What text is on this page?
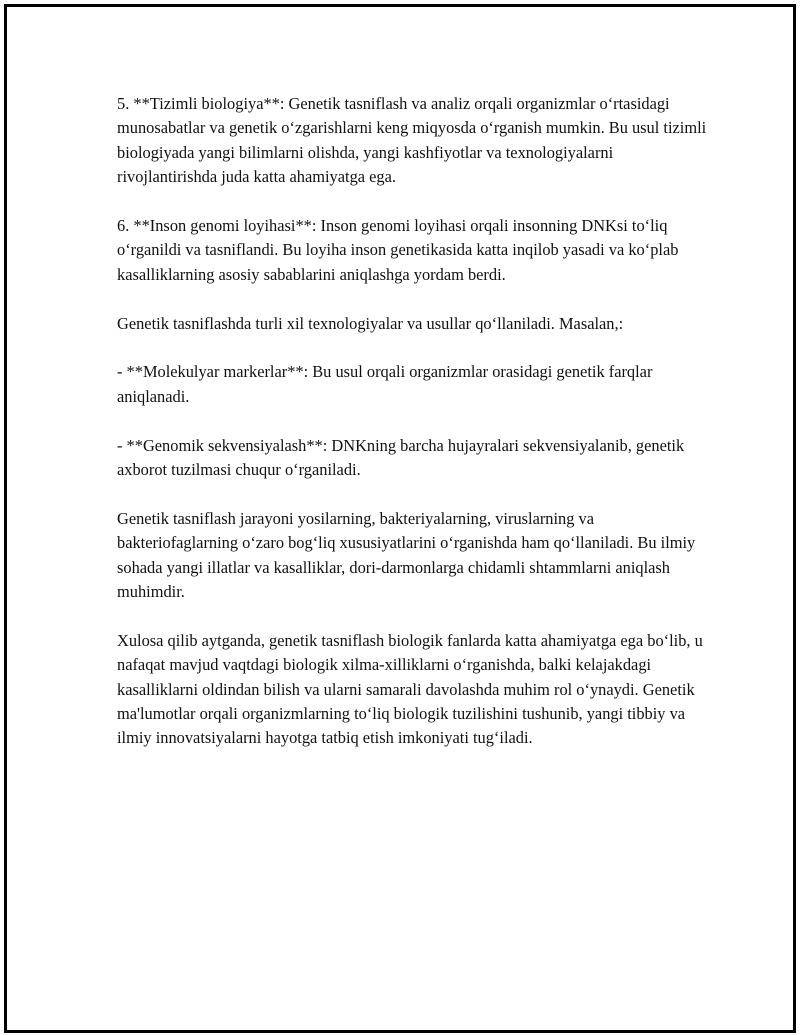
5. **Tizimli biologiya**: Genetik tasniflash va analiz orqali organizmlar o‘rtasidagi munosabatlar va genetik o‘zgarishlarni keng miqyosda o‘rganish mumkin. Bu usul tizimli biologiyada yangi bilimlarni olishda, yangi kashfiyotlar va texnologiyalarni rivojlantirishda juda katta ahamiyatga ega.

6. **Inson genomi loyihasi**: Inson genomi loyihasi orqali insonning DNKsi to‘liq o‘rganildi va tasniflandi. Bu loyiha inson genetikasida katta inqilob yasadi va ko‘plab kasalliklarning asosiy sabablarini aniqlashga yordam berdi.

Genetik tasniflashda turli xil texnologiyalar va usullar qo‘llaniladi. Masalan,:

- **Molekulyar markerlar**: Bu usul orqali organizmlar orasidagi genetik farqlar aniqlanadi.

- **Genomik sekvensiyalash**: DNKning barcha hujayralari sekvensiyalanib, genetik axborot tuzilmasi chuqur o‘rganiladi.

Genetik tasniflash jarayoni yosilarning, bakteriyalarning, viruslarning va bakteriofaglarning o‘zaro bog‘liq xususiyatlarini o‘rganishda ham qo‘llaniladi. Bu ilmiy sohada yangi illatlar va kasalliklar, dori-darmonlarga chidamli shtammlarni aniqlash muhimdir.

Xulosa qilib aytganda, genetik tasniflash biologik fanlarda katta ahamiyatga ega bo‘lib, u nafaqat mavjud vaqtdagi biologik xilma-xilliklarni o‘rganishda, balki kelajakdagi kasalliklarni oldindan bilish va ularni samarali davolashda muhim rol o‘ynaydi. Genetik ma'lumotlar orqali organizmlarning to‘liq biologik tuzilishini tushunib, yangi tibbiy va ilmiy innovatsiyalarni hayotga tatbiq etish imkoniyati tug‘iladi.
